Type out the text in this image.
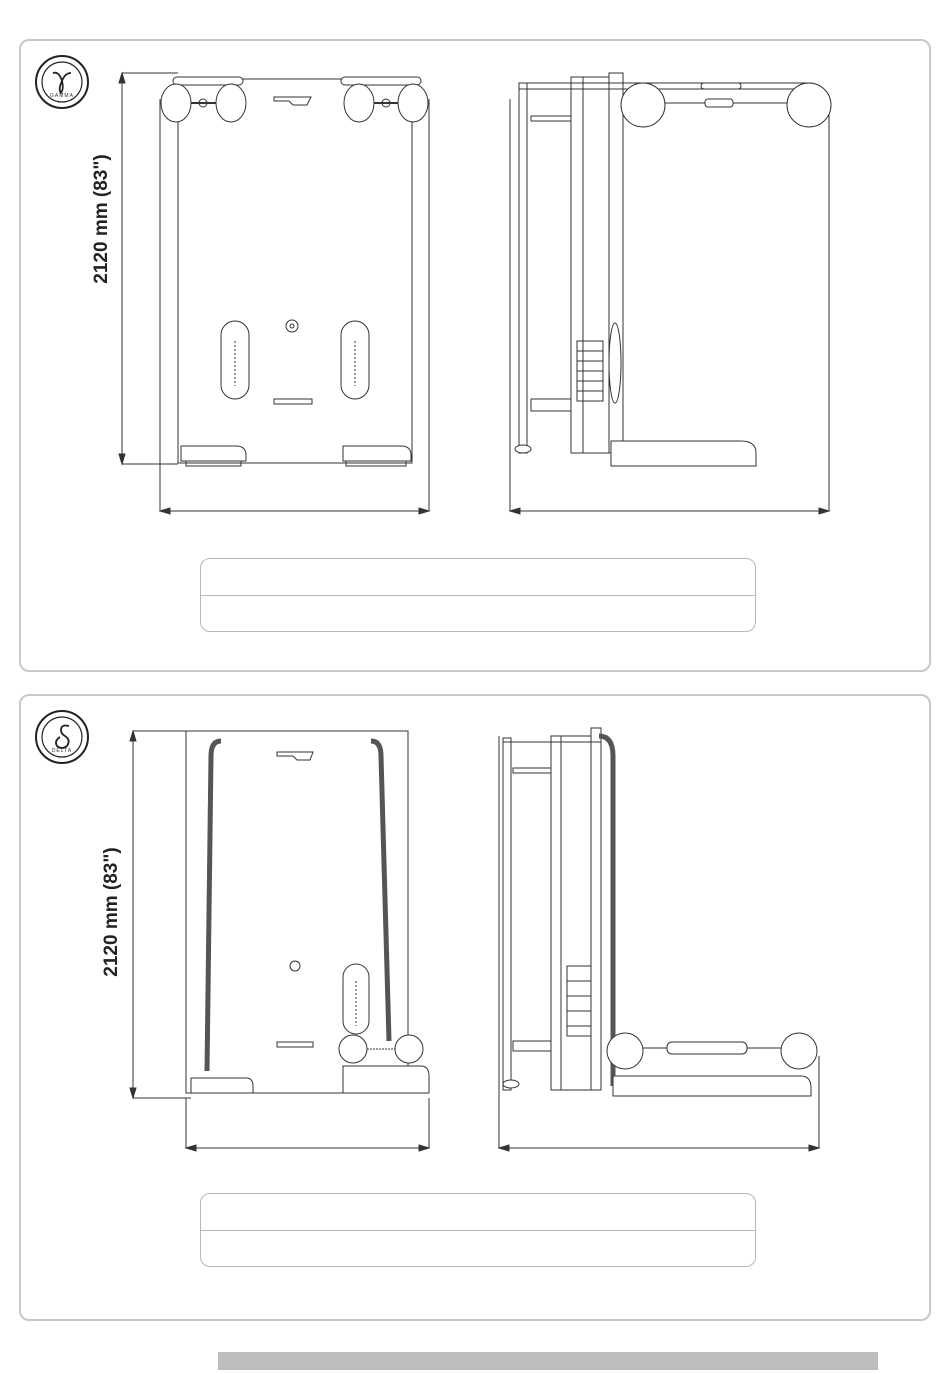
GAMMA
2120 mm (83")
DELTA
2120 mm (83")
